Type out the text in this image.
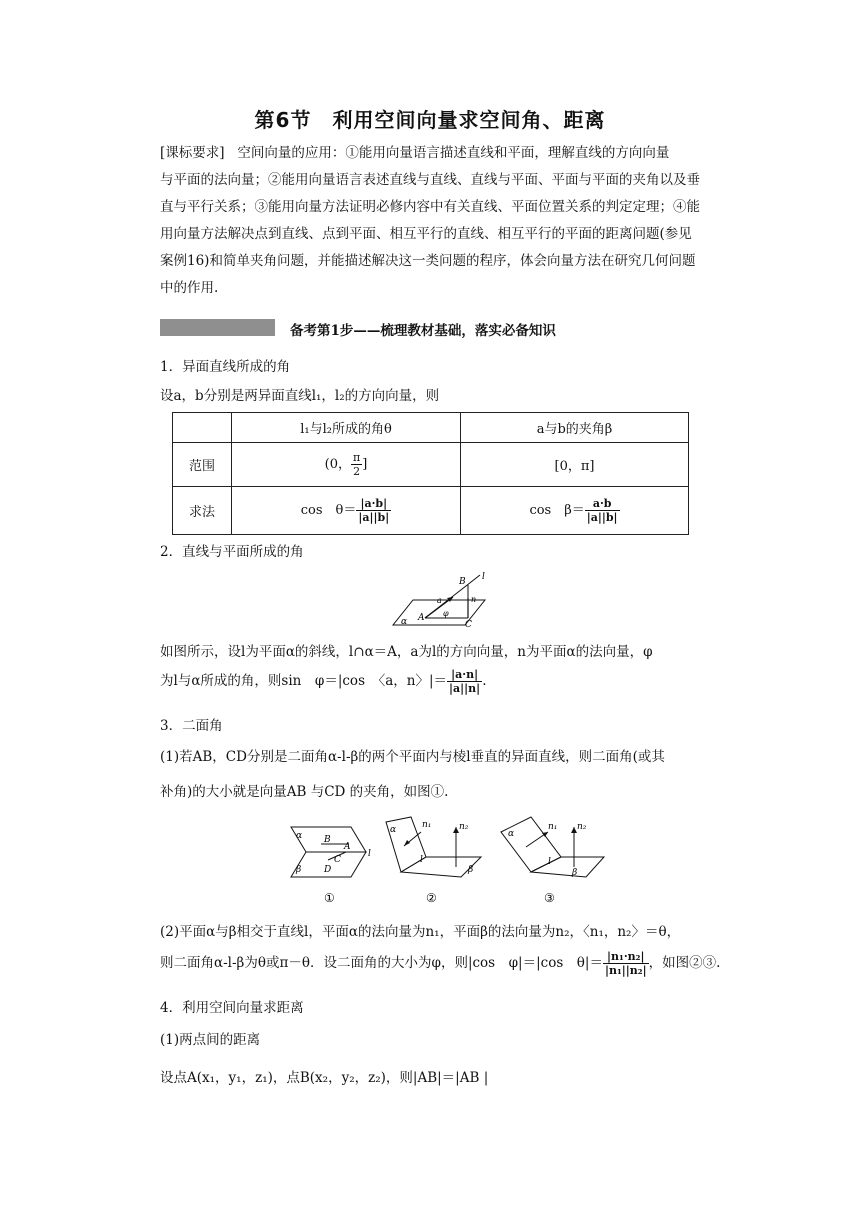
第6节　利用空间向量求空间角、距离
[课标要求] 空间向量的应用：①能用向量语言描述直线和平面，理解直线的方向向量
与平面的法向量；②能用向量语言表述直线与直线、直线与平面、平面与平面的夹角以及垂
直与平行关系；③能用向量方法证明必修内容中有关直线、平面位置关系的判定定理；④能
用向量方法解决点到直线、点到平面、相互平行的直线、相互平行的平面的距离问题(参见
案例16)和简单夹角问题，并能描述解决这一类问题的程序，体会向量方法在研究几何问题
中的作用.
备考第1步——梳理教材基础，落实必备知识
1．异面直线所成的角
设a，b分别是两异面直线l₁，l₂的方向向量，则
	l₁与l₂所成的角θ	a与b的夹角β
范围	(0， $\frac{\pi}{2}$ ]	[0，π]
求法	cos　$\theta= \frac{|a\cdot b|}{|a||b|}$	cos　$\beta= \frac{a\cdot b}{|a||b|}$
2．直线与平面所成的角
B l
a	n
φ
A
C
α
如图所示，设l为平面α的斜线，l∩α＝A，a为l的方向向量，n为平面α的法向量，φ
为l与α所成的角，则sin　φ＝|cos　〈a，n〉|＝ $\frac{|a\cdot n|}{|a||n|}$ .
3．二面角
(1)若AB，CD分别是二面角α-l-β的两个平面内与棱l垂直的异面直线，则二面角(或其
补角)的大小就是向量AB 与CD 的夹角，如图①.
α B
A
C
D
β
l
α	n₁	n₂
l
β
α
n₁ n₂
l
β
①	②	③
(2)平面α与β相交于直线l，平面α的法向量为n₁，平面β的法向量为n₂，〈n₁，n₂〉＝θ，
则二面角α-l-β为θ或π－θ．设二面角的大小为φ，则|cos　φ|＝|cos　$\theta|= \frac{\text{|n₁·n₂|}}{\text{|n₁||n₂|}}$ ，如图②③.
4．利用空间向量求距离
(1)两点间的距离
设点A(x₁，y₁，z₁)，点B(x₂，y₂，z₂)，则|AB|＝|AB |
